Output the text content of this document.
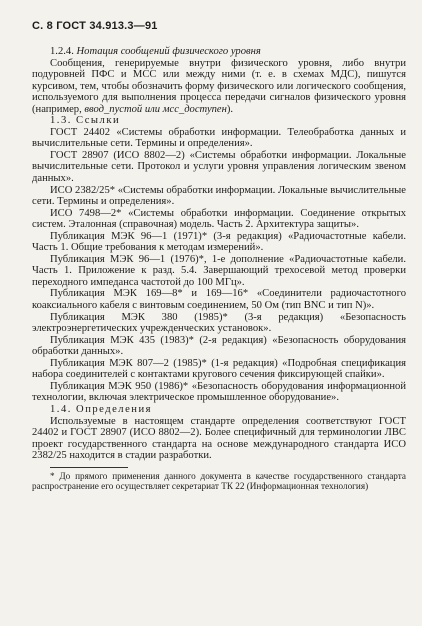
С. 8 ГОСТ 34.913.3—91

1.2.4. Нотация сообщений физического уровня

Сообщения, генерируемые внутри физического уровня, либо внутри подуровней ПФС и МСС или между ними (т. е. в схемах МДС), пишутся курсивом, тем, чтобы обозначить форму физического или логического сообщения, используемого для выполнения процесса передачи сигналов физического уровня (например, ввод_пустой или мсс_доступен).

1.3. Ссылки

ГОСТ 24402 «Системы обработки информации. Телеобработка данных и вычислительные сети. Термины и определения».

ГОСТ 28907 (ИСО 8802—2) «Системы обработки информации. Локальные вычислительные сети. Протокол и услуги уровня управления логическим звеном данных».

ИСО 2382/25* «Системы обработки информации. Локальные вычислительные сети. Термины и определения».

ИСО 7498—2* «Системы обработки информации. Соединение открытых систем. Эталонная (справочная) модель. Часть 2. Архитектура защиты».

Публикация МЭК 96—1 (1971)* (3-я редакция) «Радиочастотные кабели. Часть 1. Общие требования к методам измерений».

Публикация МЭК 96—1 (1976)*, 1-е дополнение «Радиочастотные кабели. Часть 1. Приложение к разд. 5.4. Завершающий трехосевой метод проверки переходного импеданса частотой до 100 МГц».

Публикация МЭК 169—8* и 169—16* «Соединители радиочастотного коаксиального кабеля с винтовым соединением, 50 Ом (тип BNC и тип N)».

Публикация МЭК 380 (1985)* (3-я редакция) «Безопасность электроэнергетических учрежденческих установок».

Публикация МЭК 435 (1983)* (2-я редакция) «Безопасность оборудования обработки данных».

Публикация МЭК 807—2 (1985)* (1-я редакция) «Подробная спецификация набора соединителей с контактами кругового сечения фиксирующей спайки».

Публикация МЭК 950 (1986)* «Безопасность оборудования информационной технологии, включая электрическое промышленное оборудование».

1.4. Определения

Используемые в настоящем стандарте определения соответствуют ГОСТ 24402 и ГОСТ 28907 (ИСО 8802—2). Более специфичный для терминологии ЛВС проект государственного стандарта на основе международного стандарта ИСО 2382/25 находится в стадии разработки.

* До прямого применения данного документа в качестве государственного стандарта распространение его осуществляет секретариат ТК 22 (Информационная технология)
